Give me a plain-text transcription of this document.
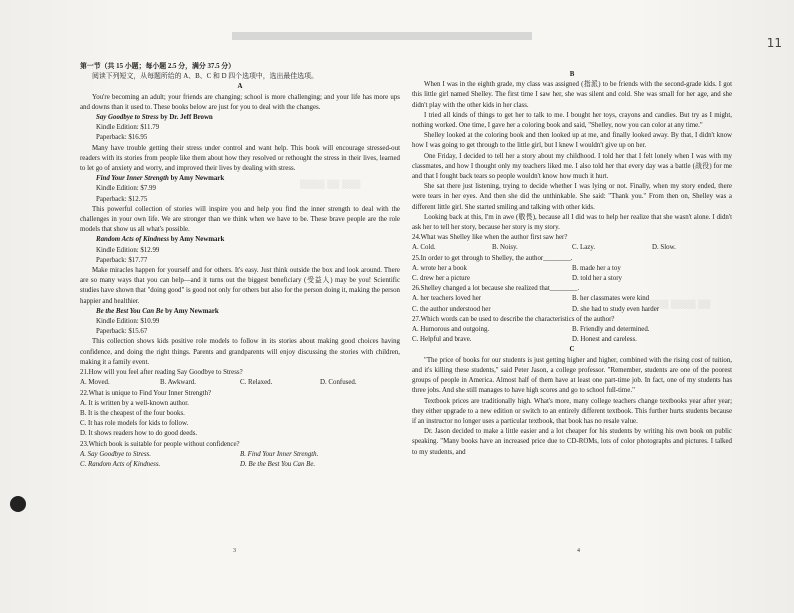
11
▒▒▒▒ ▒▒ ▒▒▒
▒▒▒ ▒▒▒▒ ▒▒

第一节（共 15 小题；每小题 2.5 分，满分 37.5 分）

阅读下列短文，从每题所给的 A、B、C 和 D 四个选项中，选出最佳选项。

A

You're becoming an adult; your friends are changing; school is more challenging; and your life has more ups and downs than it used to. These books below are just for you to deal with the changes.

Say Goodbye to Stress by Dr. Jeff Brown

Kindle Edition: $11.79

Paperback: $16.95

Many have trouble getting their stress under control and want help. This book will encourage stressed-out readers with its stories from people like them about how they resolved or rethought the stress in their lives, learned to let go of anxiety and worry, and improved their lives by dealing with stress.

Find Your Inner Strength by Amy Newmark

Kindle Edition: $7.99

Paperback: $12.75

This powerful collection of stories will inspire you and help you find the inner strength to deal with the challenges in your own life. We are stronger than we think when we have to be. These brave people are the role models that show us all what's possible.

Random Acts of Kindness by Amy Newmark

Kindle Edition: $12.99

Paperback: $17.77

Make miracles happen for yourself and for others. It's easy. Just think outside the box and look around. There are so many ways that you can help—and it turns out the biggest beneficiary (受益人) may be you! Scientific studies have shown that "doing good" is good not only for others but also for the person doing it, making the person happier and healthier.

Be the Best You Can Be by Amy Newmark

Kindle Edition: $10.99

Paperback: $15.67

This collection shows kids positive role models to follow in its stories about making good choices having confidence, and doing the right things. Parents and grandparents will enjoy discussing the stories with children, making it a family event.

21.How will you feel after reading Say Goodbye to Stress?

A. Moved.	B. Awkward.	C. Relaxed.	D. Confused.

22.What is unique to Find Your Inner Strength?

A. It is written by a well-known author.

B. It is the cheapest of the four books.

C. It has role models for kids to follow.

D. It shows readers how to do good deeds.

23.Which book is suitable for people without confidence?

A. Say Goodbye to Stress.	B. Find Your Inner Strength.
C. Random Acts of Kindness.	D. Be the Best You Can Be.
3

B

When I was in the eighth grade, my class was assigned (指派) to be friends with the second-grade kids. I got this little girl named Shelley. The first time I saw her, she was silent and cold. She was small for her age, and she didn't play with the other kids in her class.

I tried all kinds of things to get her to talk to me. I bought her toys, crayons and candies. But try as I might, nothing worked. One time, I gave her a coloring book and said, "Shelley, now you can color at any time."

Shelley looked at the coloring book and then looked up at me, and finally looked away. By that, I didn't know how I was going to get through to the little girl, but I knew I wouldn't give up on her.

One Friday, I decided to tell her a story about my childhood. I told her that I felt lonely when I was with my classmates, and how I thought only my teachers liked me. I also told her that every day was a battle (战役) for me and that I fought back tears so people wouldn't know how much it hurt.

She sat there just listening, trying to decide whether I was lying or not. Finally, when my story ended, there were tears in her eyes. And then she did the unthinkable. She said: "Thank you." From then on, Shelley was a different little girl. She started smiling and talking with other kids.

Looking back at this, I'm in awe (敬畏), because all I did was to help her realize that she wasn't alone. I didn't ask her to tell her story, because her story is my story.

24.What was Shelley like when the author first saw her?

A. Cold.	B. Noisy.	C. Lazy.	D. Slow.

25.In order to get through to Shelley, the author________.

A. wrote her a book	B. made her a toy
C. drew her a picture	D. told her a story

26.Shelley changed a lot because she realized that________.

A. her teachers loved her	B. her classmates were kind
C. the author understood her	D. she had to study even harder

27.Which words can be used to describe the characteristics of the author?

A. Humorous and outgoing.	B. Friendly and determined.
C. Helpful and brave.	D. Honest and careless.

C

"The price of books for our students is just getting higher and higher, combined with the rising cost of tuition, and it's killing these students," said Peter Jason, a college professor. "Remember, students are one of the poorest groups of people in America. Almost half of them have at least one part-time job. In fact, one of my students has three jobs. And she still manages to have high scores and go to school full-time."

Textbook prices are traditionally high. What's more, many college teachers change textbooks year after year; they either upgrade to a new edition or switch to an entirely different textbook. This further hurts students because if an instructor no longer uses a particular textbook, that book has no resale value.

Dr. Jason decided to make a little easier and a lot cheaper for his students by writing his own book on public speaking. "Many books have an increased price due to CD-ROMs, lots of color photographs and pictures. I talked to my students, and

4
